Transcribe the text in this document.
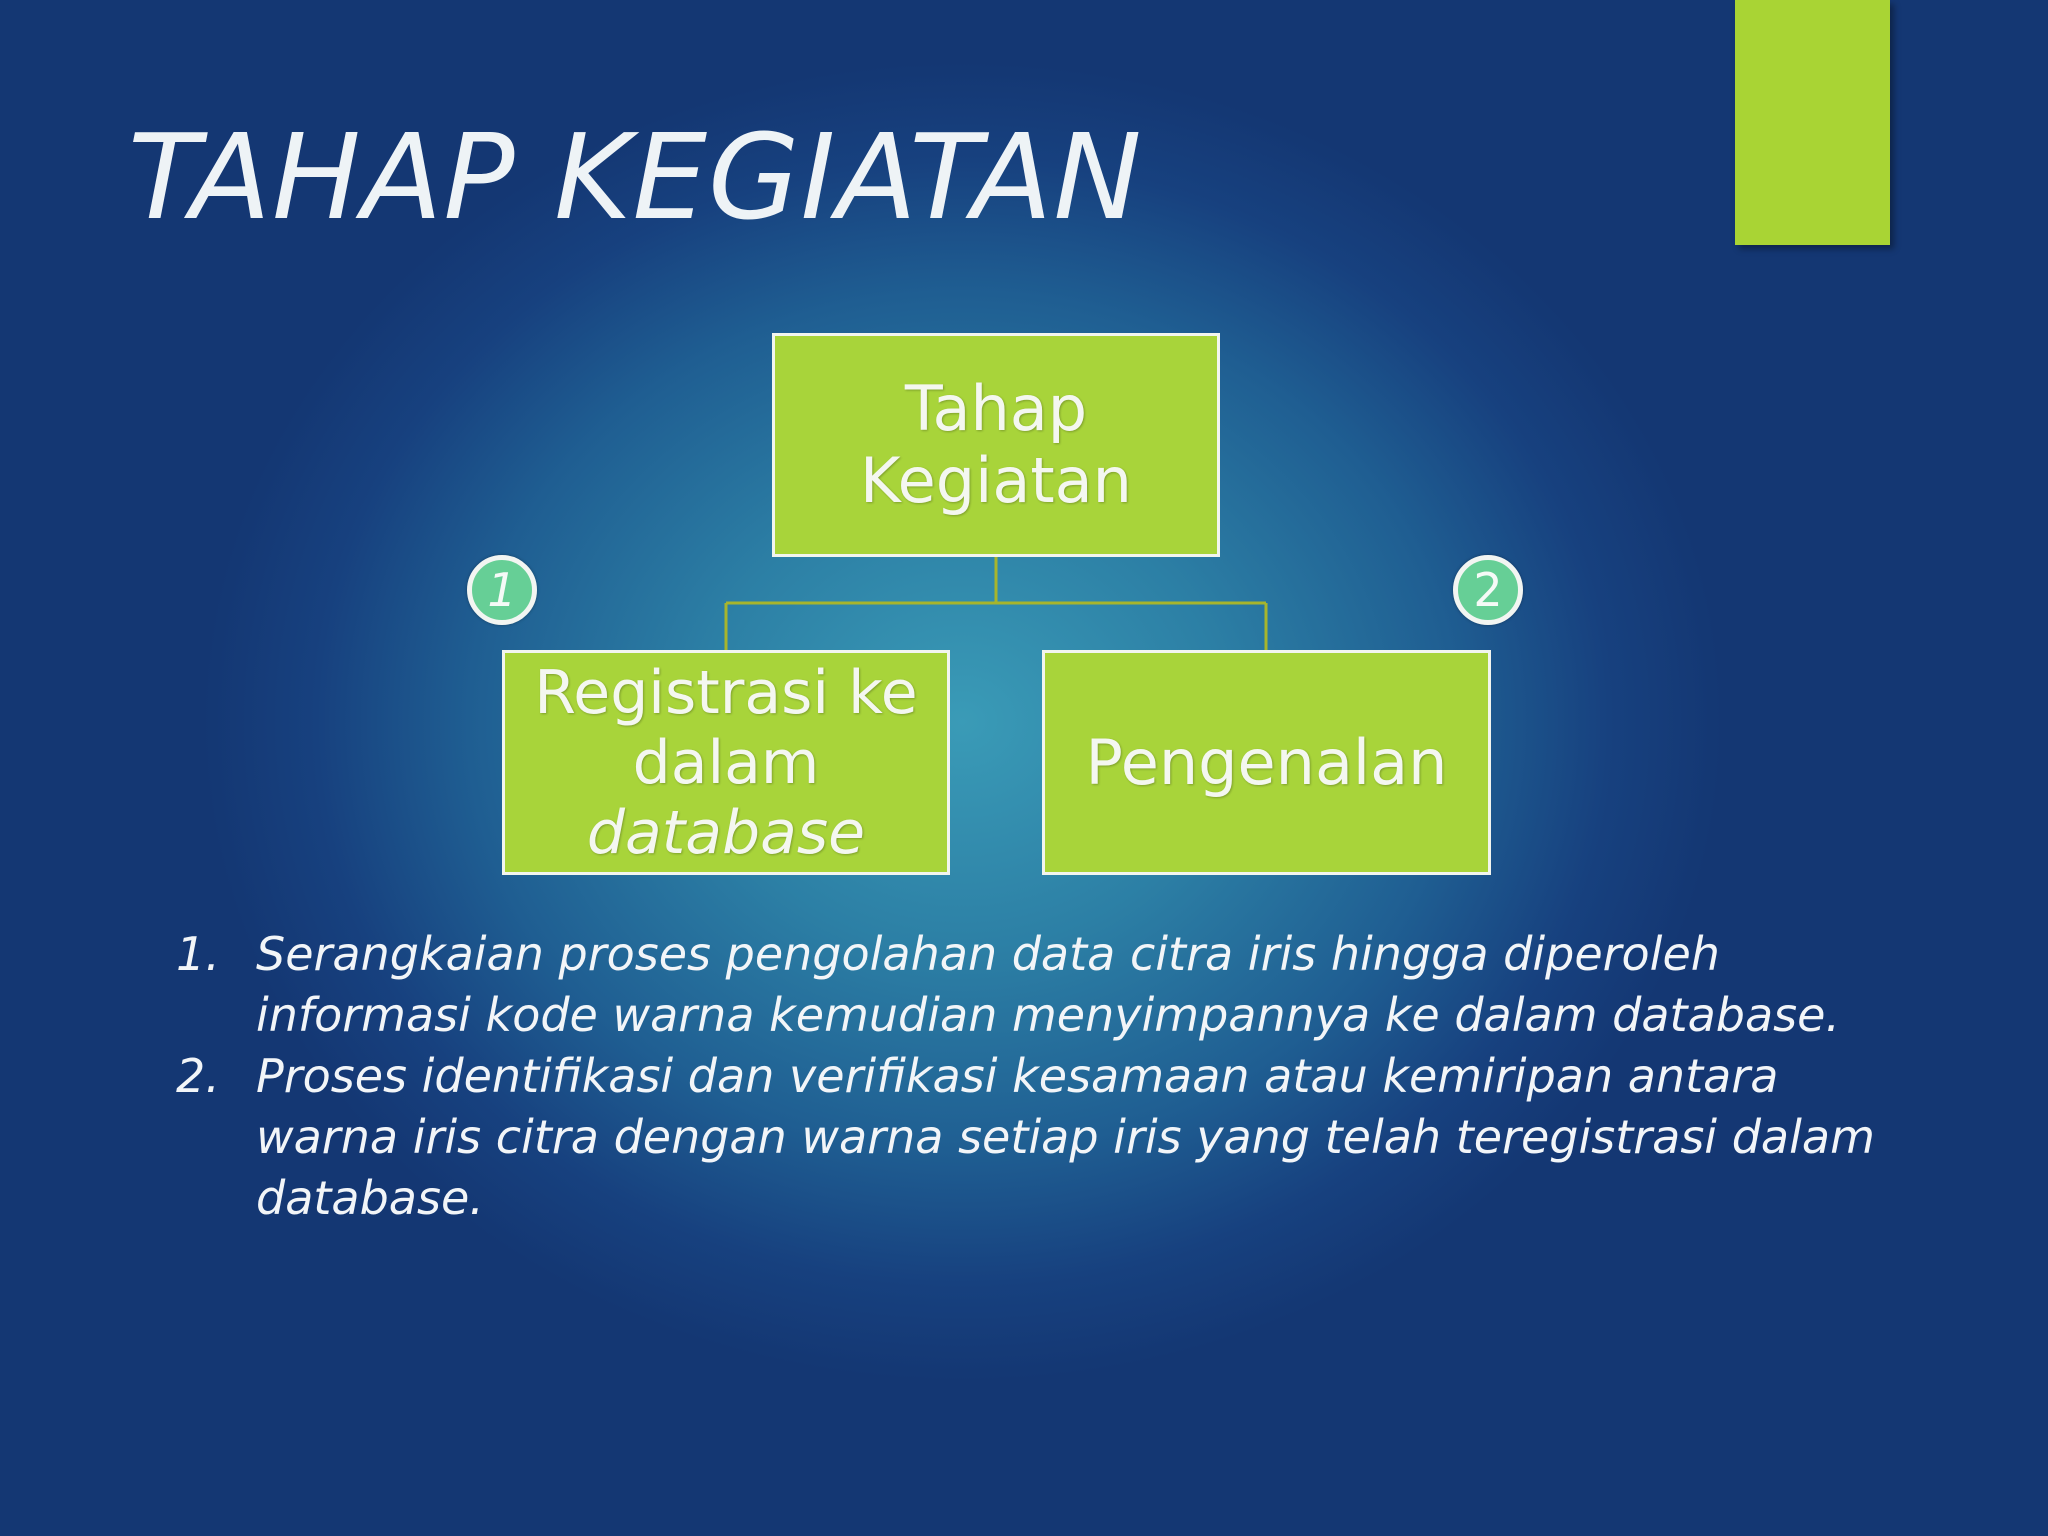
TAHAP KEGIATAN
Tahap
Kegiatan
Registrasi ke
dalam
database
Pengenalan
1	2
1. Serangkaian proses pengolahan data citra iris hingga diperoleh informasi kode warna kemudian menyimpannya ke dalam database.
2. Proses identifikasi dan verifikasi kesamaan atau kemiripan antara warna iris citra dengan warna setiap iris yang telah teregistrasi dalam database.
